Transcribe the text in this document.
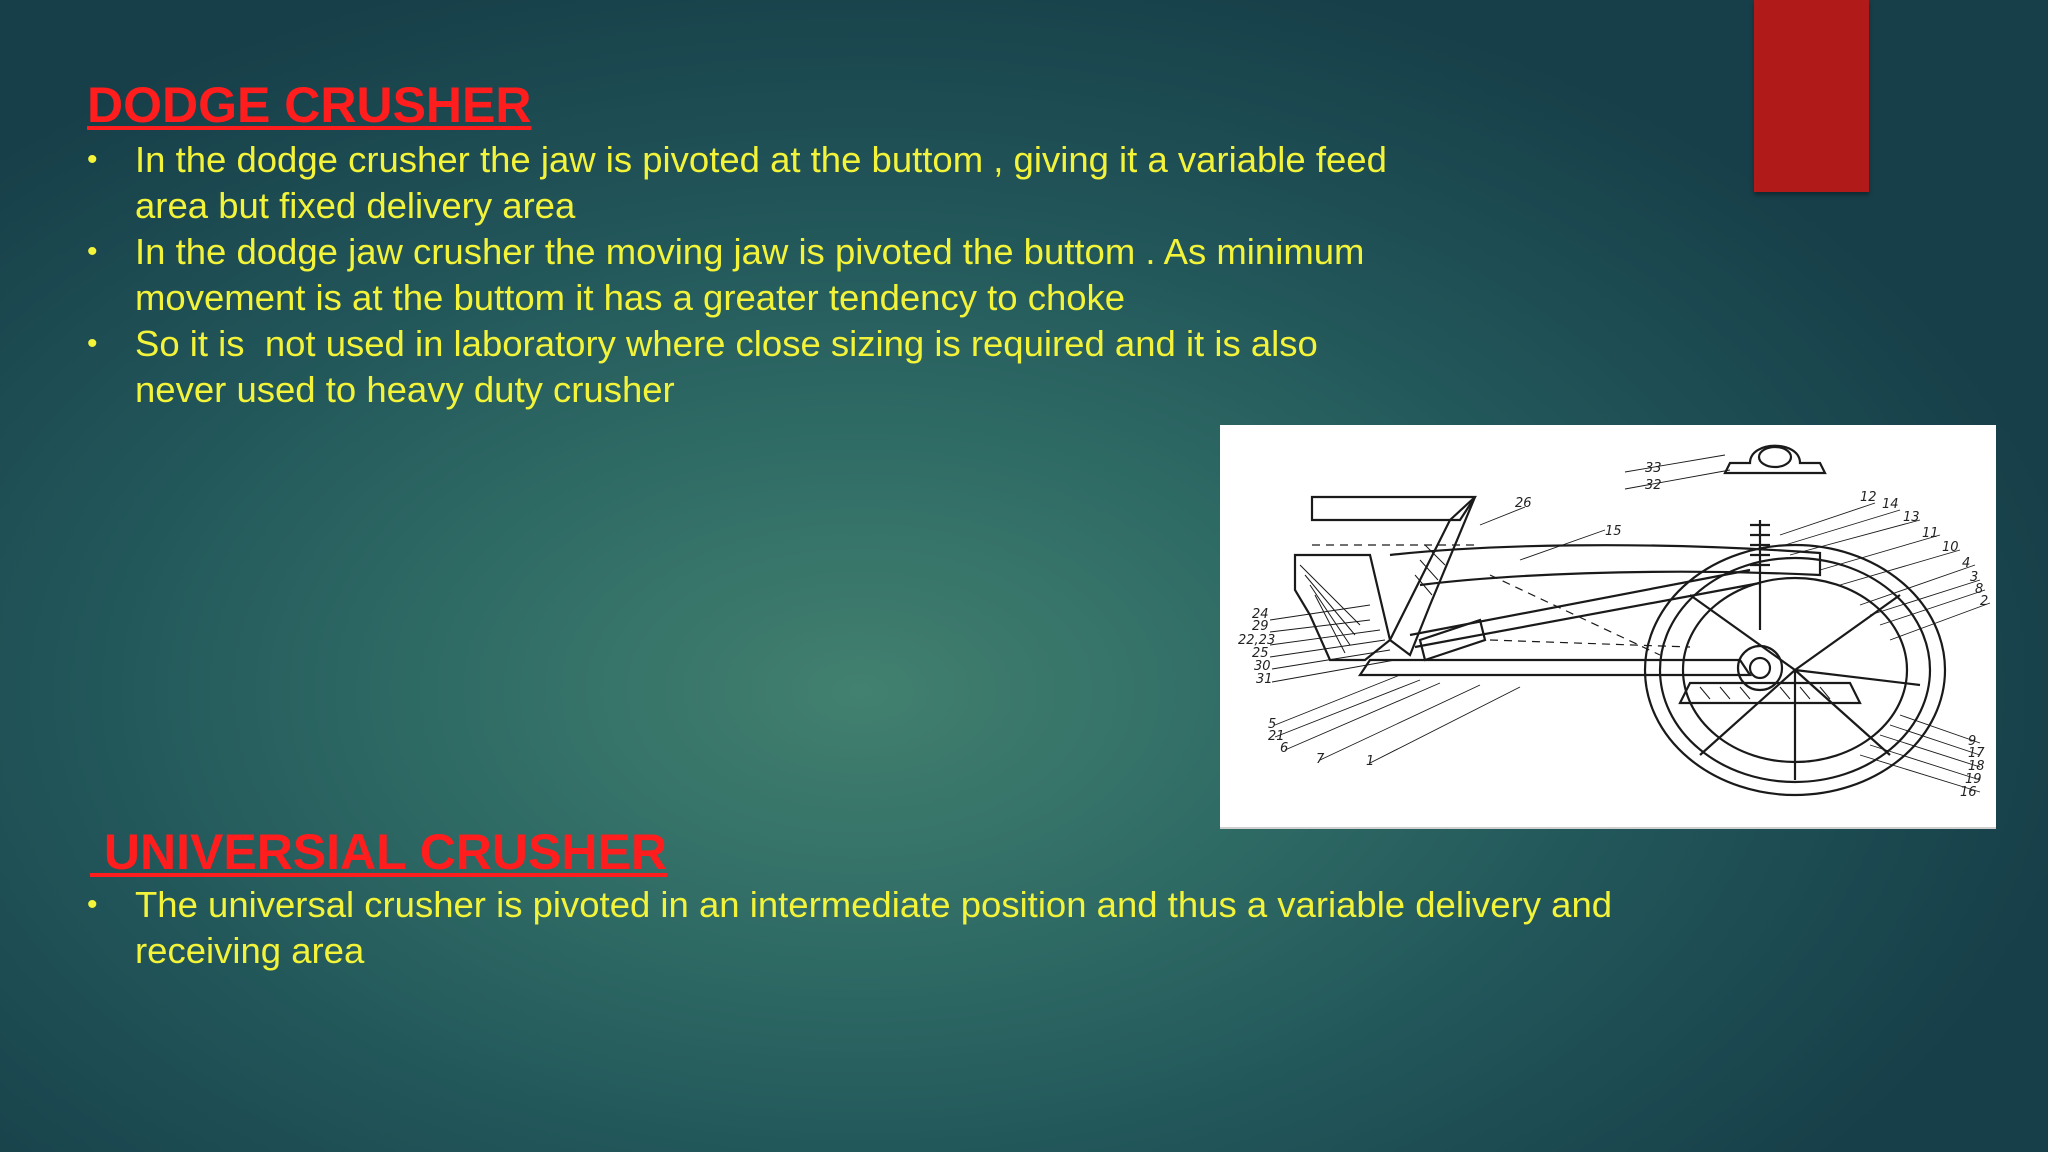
DODGE CRUSHER
• In the dodge crusher the jaw is pivoted at the buttom , giving it a variable feed area but fixed delivery area
• In the dodge jaw crusher the moving jaw is pivoted the buttom . As minimum movement is at the buttom it has a greater tendency to choke
• So it is  not used in laboratory where close sizing is required and it is also never used to heavy duty crusher
33
32
26
15
12 14
13
11
10
4
3
8
2
24
29
22,23
25
30
31
5
21
6
7	1
9
17
18
19
16
UNIVERSIAL CRUSHER
• The universal crusher is pivoted in an intermediate position and thus a variable delivery and receiving area
